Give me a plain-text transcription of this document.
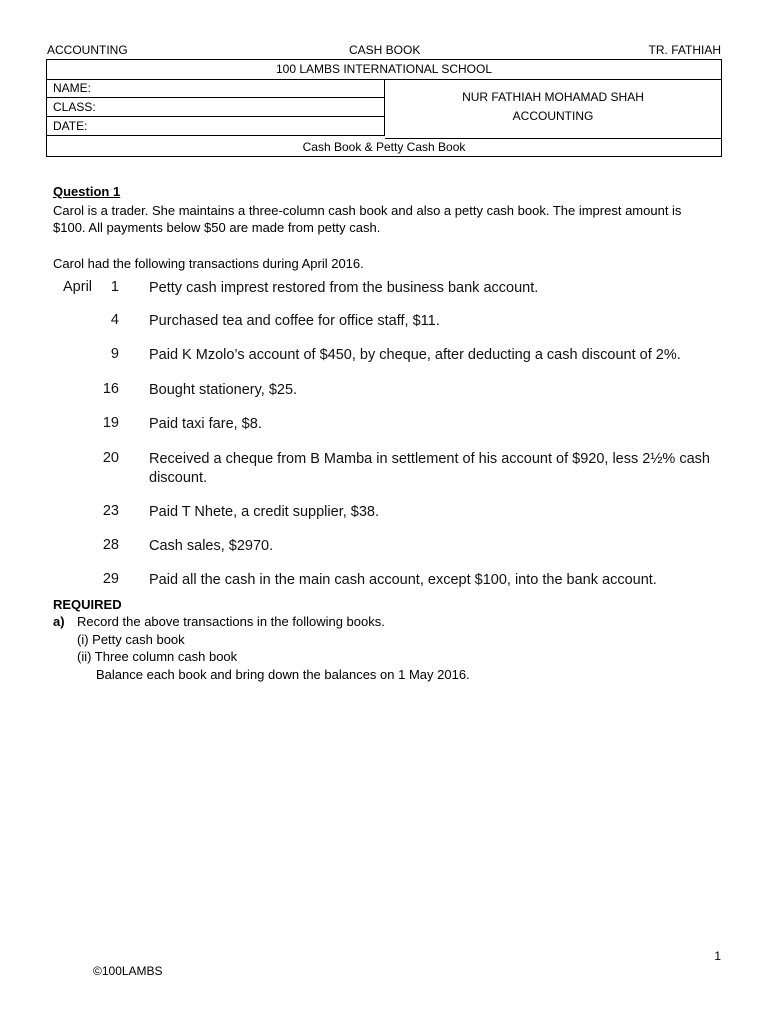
ACCOUNTING	CASH BOOK	TR. FATHIAH
100 LAMBS INTERNATIONAL SCHOOL
NAME:
CLASS:
DATE:
NUR FATHIAH MOHAMAD SHAH
ACCOUNTING
Cash Book & Petty Cash Book
Question 1
Carol is a trader. She maintains a three-column cash book and also a petty cash book. The imprest amount is $100. All payments below $50 are made from petty cash.
Carol had the following transactions during April 2016.
April	1 Petty cash imprest restored from the business bank account.
4 Purchased tea and coffee for office staff, $11.
9 Paid K Mzolo’s account of $450, by cheque, after deducting a cash discount of 2%.
16 Bought stationery, $25.
19 Paid taxi fare, $8.
20 Received a cheque from B Mamba in settlement of his account of $920, less 2½% cash discount.
23 Paid T Nhete, a credit supplier, $38.
28 Cash sales, $2970.
29 Paid all the cash in the main cash account, except $100, into the bank account.
REQUIRED
a) Record the above transactions in the following books.
(i) Petty cash book
(ii) Three column cash book
Balance each book and bring down the balances on 1 May 2016.
1
©100LAMBS
